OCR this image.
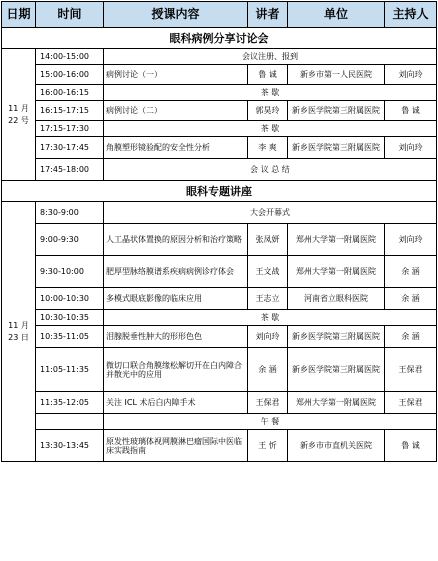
日期	时间	授课内容	讲者	单位	主持人
眼科病例分享讨论会					
11 月 22 号	14:00-15:00	会议注册、报到			
	15:00-16:00	病例讨论（一）	鲁 诚	新乡市第一人民医院	刘向玲
	16:00-16:15	茶 歇			
	16:15-17:15	病例讨论（二）	郭昊玲	新乡医学院第三附属医院	鲁 诚
	17:15-17:30	茶 歇			
	17:30-17:45	角膜塑形镜验配的安全性分析	李 爽	新乡医学院第三附属医院	刘向玲
	17:45-18:00	会 议 总 结			
眼科专题讲座					
11 月 23 日	8:30-9:00	大会开幕式			
	9:00-9:30	人工晶状体置换的原因分析和治疗策略	张凤妍	郑州大学第一附属医院	刘向玲
	9:30-10:00	肥厚型脉络膜谱系疾病病例诊疗体会	王文战	郑州大学第一附属医院	余 涵
	10:00-10:30	多模式眼底影像的临床应用	王志立	河南省立眼科医院	余 涵
	10:30-10:35	茶 歇			
	10:35-11:05	泪腺脱垂性肿大的形形色色	刘向玲	新乡医学院第三附属医院	余 涵
	11:05-11:35	微切口联合角膜缘松解切开在白内障合并散光中的应用	余 涵	新乡医学院第三附属医院	王保君
	11:35-12:05	关注 ICL 术后白内障手术	王保君	郑州大学第一附属医院	王保君
		午 餐			
	13:30-13:45	原发性玻璃体视网膜淋巴瘤国际中医临床实践指南	王 忻	新乡市市直机关医院	鲁 诚
